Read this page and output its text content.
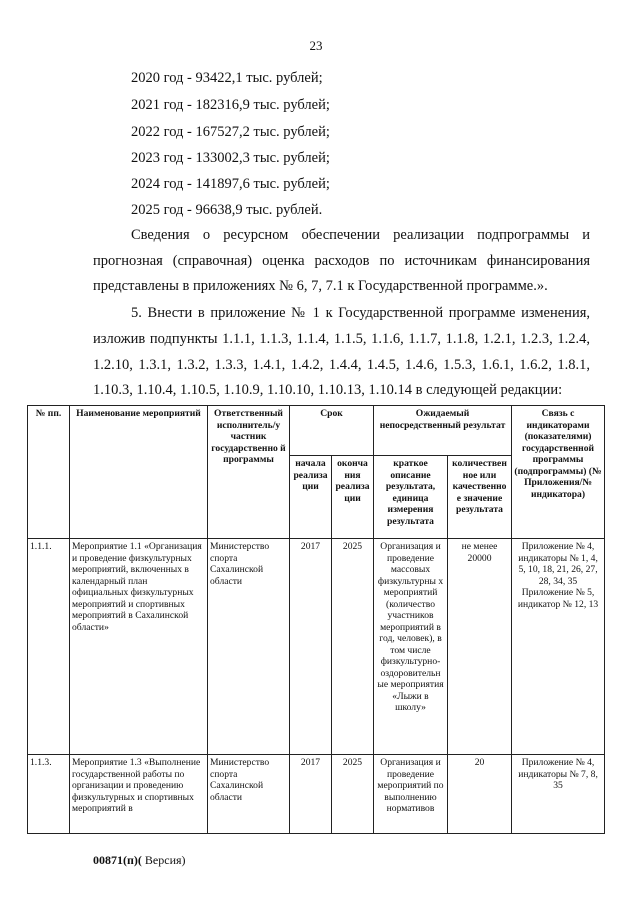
23
2020 год - 93422,1 тыс. рублей;
2021 год - 182316,9 тыс. рублей;
2022 год - 167527,2 тыс. рублей;
2023 год - 133002,3 тыс. рублей;
2024 год - 141897,6 тыс. рублей;
2025 год - 96638,9 тыс. рублей.
Сведения о ресурсном обеспечении реализации подпрограммы и
прогнозная (справочная) оценка расходов по источникам финансирования
представлены в приложениях № 6, 7, 7.1 к Государственной программе.».
5. Внести в приложение № 1 к Государственной программе изменения,
изложив подпункты 1.1.1, 1.1.3, 1.1.4, 1.1.5, 1.1.6, 1.1.7, 1.1.8, 1.2.1, 1.2.3, 1.2.4,
1.2.10, 1.3.1, 1.3.2, 1.3.3, 1.4.1, 1.4.2, 1.4.4, 1.4.5, 1.4.6, 1.5.3, 1.6.1, 1.6.2, 1.8.1,
1.10.3, 1.10.4, 1.10.5, 1.10.9, 1.10.10, 1.10.13, 1.10.14 в следующей редакции:
№ пп.	Наименование мероприятий	Ответственный исполнитель/у частник государственно й программы	Срок		Ожидаемый непосредственный результат		Связь с индикаторами (показателями) государственной программы (подпрограммы) (№ Приложения/№ индикатора)
			начала реализа ции	оконча ния реализа ции	краткое описание результата, единица измерения результата	количествен ное или качественно е значение результата	
1.1.1.	Мероприятие 1.1 «Организация и проведение физкультурных мероприятий, включенных в календарный план официальных физкультурных мероприятий и спортивных мероприятий в Сахалинской области»	Министерство спорта Сахалинской области	2017	2025	Организация и проведение массовых физкультурны х мероприятий (количество участников мероприятий в год, человек), в том числе физкультурно-оздоровительн ые мероприятия «Лыжи в школу»	не менее 20000	Приложение № 4, индикаторы № 1, 4, 5, 10, 18, 21, 26, 27, 28, 34, 35 Приложение № 5, индикатор № 12, 13
1.1.3.	Мероприятие 1.3 «Выполнение государственной работы по организации и проведению физкультурных и спортивных мероприятий в	Министерство спорта Сахалинской области	2017	2025	Организация и проведение мероприятий по выполнению нормативов	20	Приложение № 4, индикаторы № 7, 8, 35
00871(п)( Версия)
